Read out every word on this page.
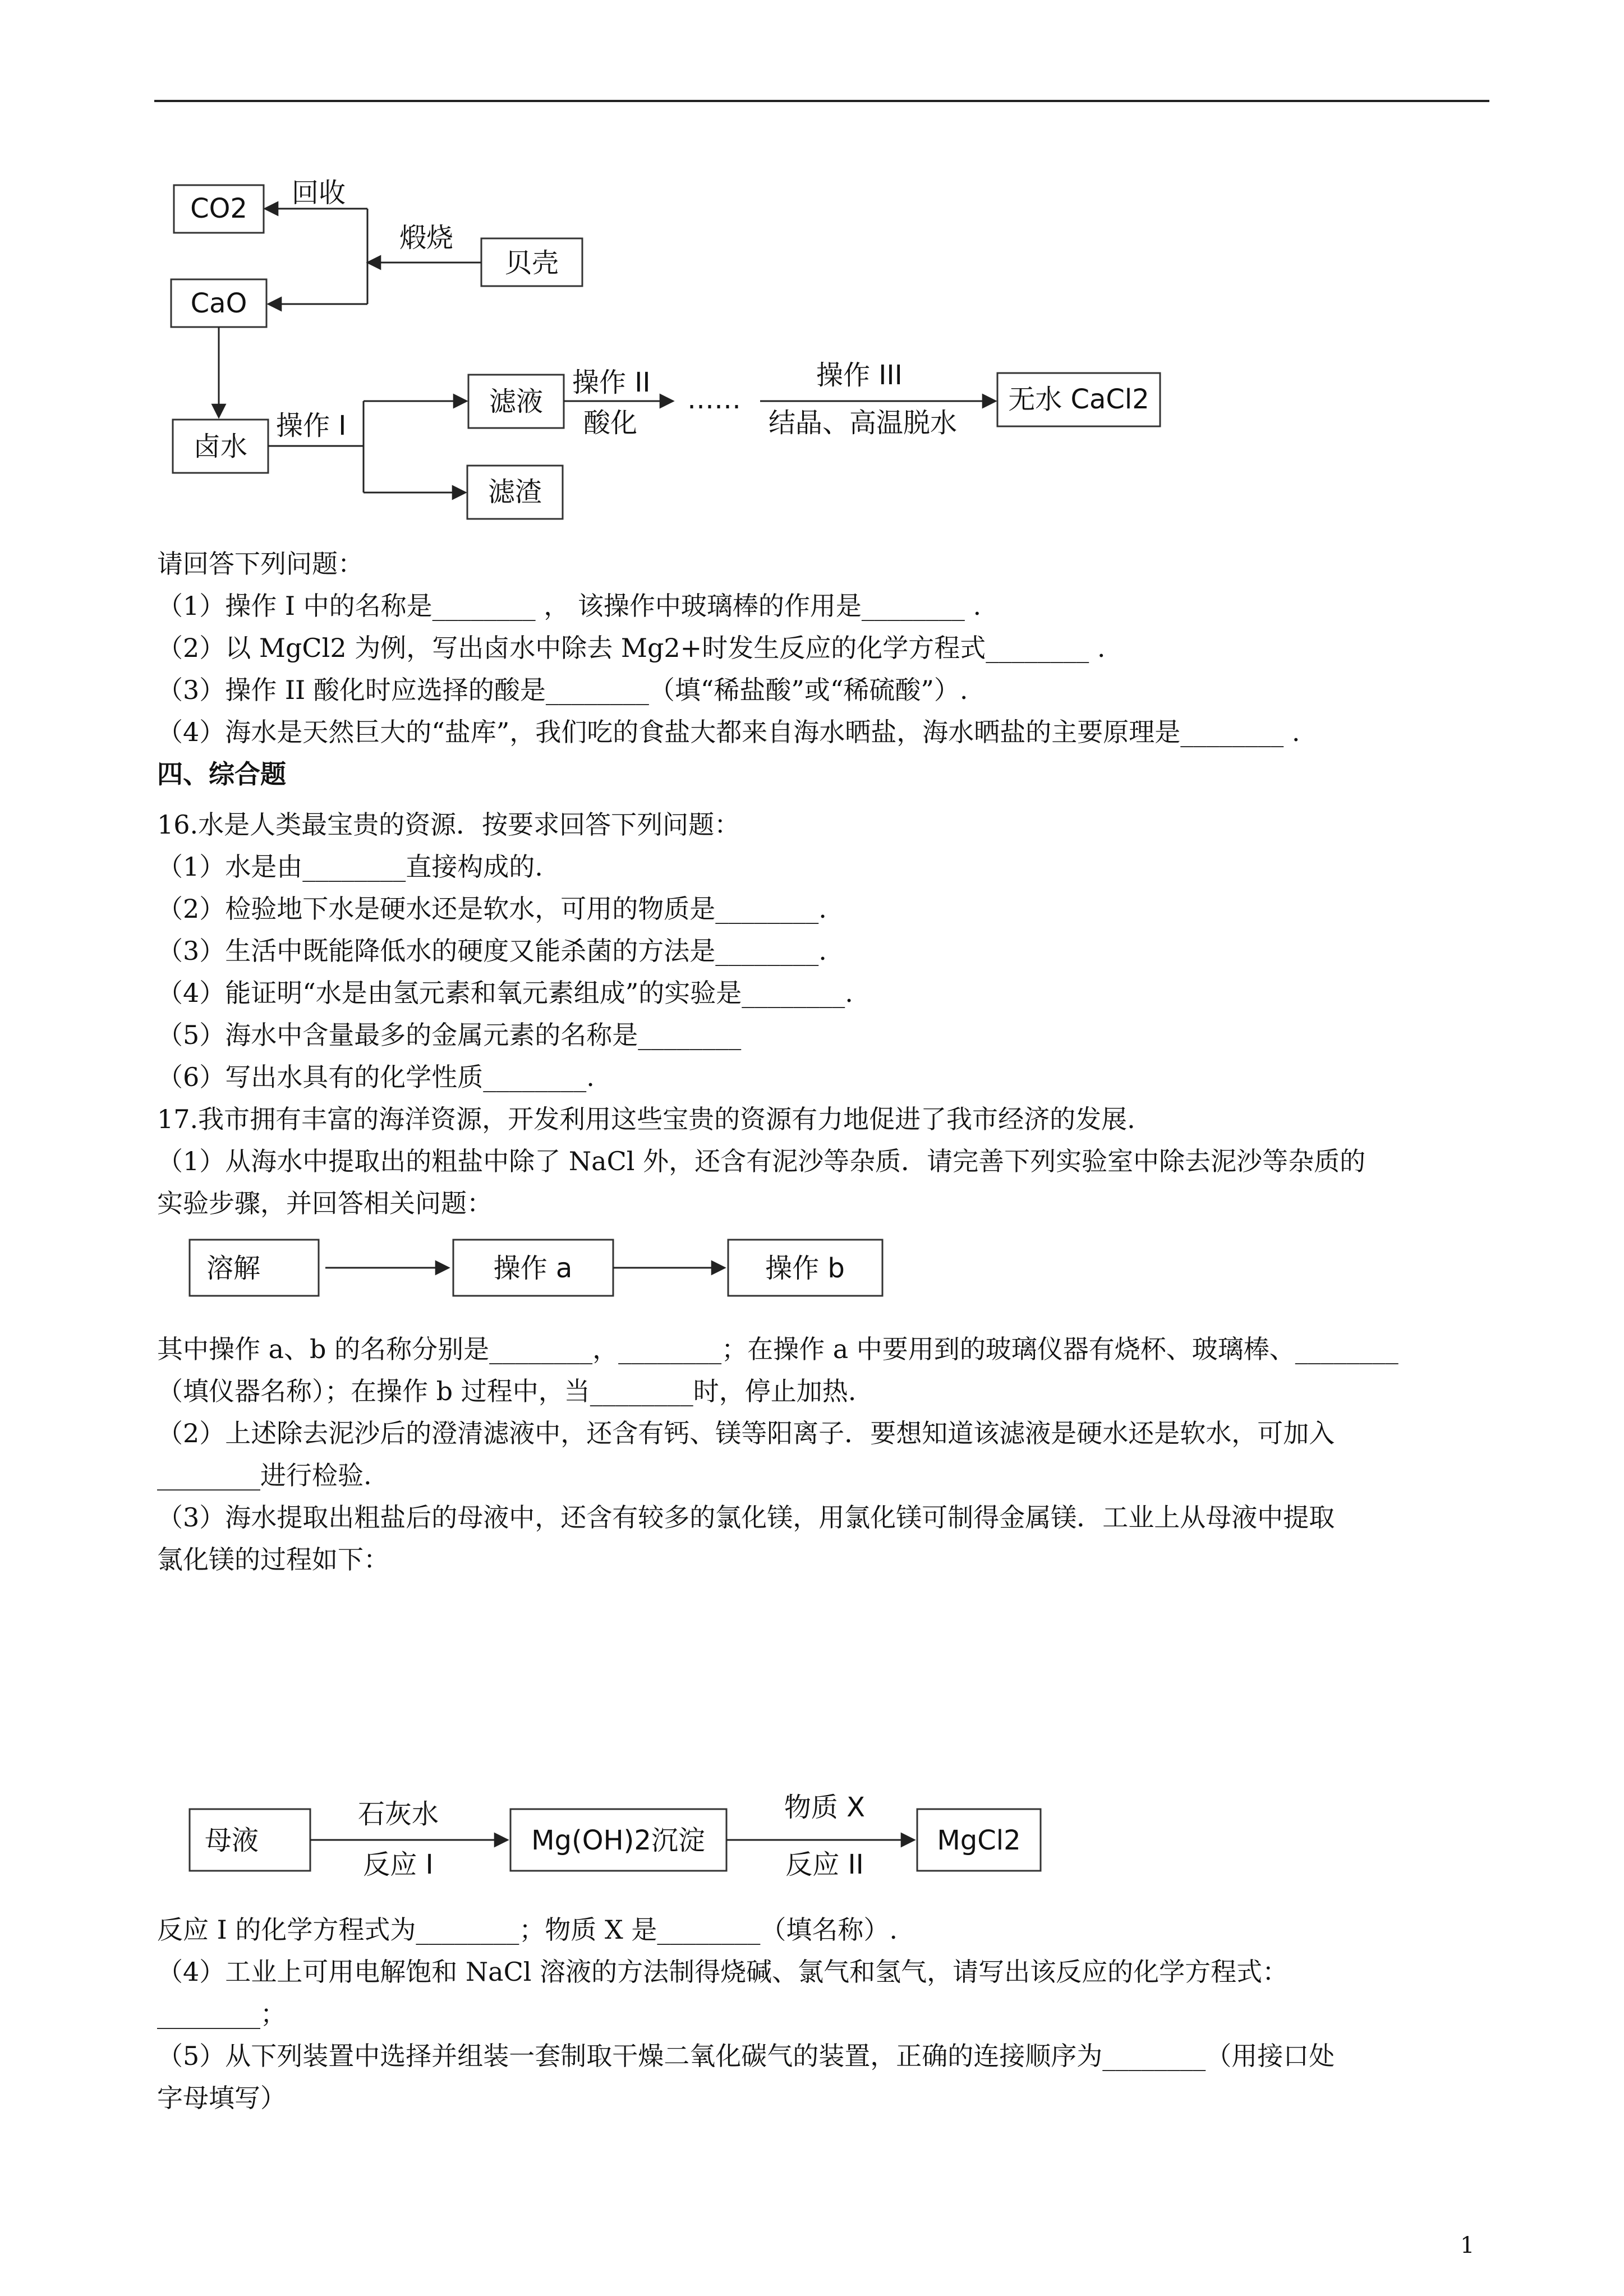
CO2 回收
煅烧
贝壳
CaO
卤水
操作 I
滤液
操作 II
酸化
……
操作 III
结晶、高温脱水
无水 CaCl2
滤渣
请回答下列问题：
（1）操作 I 中的名称是________ ， 该操作中玻璃棒的作用是________ .
（2）以 MgCl2 为例，写出卤水中除去 Mg2+时发生反应的化学方程式________ .
（3）操作 II 酸化时应选择的酸是________（填“稀盐酸”或“稀硫酸”）.
（4）海水是天然巨大的“盐库”，我们吃的食盐大都来自海水晒盐，海水晒盐的主要原理是________ .
四、综合题
16.水是人类最宝贵的资源．按要求回答下列问题：
（1）水是由________直接构成的.
（2）检验地下水是硬水还是软水，可用的物质是________.
（3）生活中既能降低水的硬度又能杀菌的方法是________.
（4）能证明“水是由氢元素和氧元素组成”的实验是________.
（5）海水中含量最多的金属元素的名称是________
（6）写出水具有的化学性质________.
17.我市拥有丰富的海洋资源，开发利用这些宝贵的资源有力地促进了我市经济的发展.
（1）从海水中提取出的粗盐中除了 NaCl 外，还含有泥沙等杂质．请完善下列实验室中除去泥沙等杂质的
实验步骤，并回答相关问题：
溶解	操作 a	操作 b
其中操作 a、b 的名称分别是________，________；在操作 a 中要用到的玻璃仪器有烧杯、玻璃棒、________
（填仪器名称）；在操作 b 过程中，当________时，停止加热.
（2）上述除去泥沙后的澄清滤液中，还含有钙、镁等阳离子．要想知道该滤液是硬水还是软水，可加入
________进行检验.
（3）海水提取出粗盐后的母液中，还含有较多的氯化镁，用氯化镁可制得金属镁．工业上从母液中提取
氯化镁的过程如下：
母液
石灰水
反应 I
Mg(OH)2沉淀
物质 X
反应 II
MgCl2
反应 I 的化学方程式为________；物质 X 是________（填名称）.
（4）工业上可用电解饱和 NaCl 溶液的方法制得烧碱、氯气和氢气，请写出该反应的化学方程式：
________；
（5）从下列装置中选择并组装一套制取干燥二氧化碳气的装置，正确的连接顺序为________（用接口处
字母填写）
1
